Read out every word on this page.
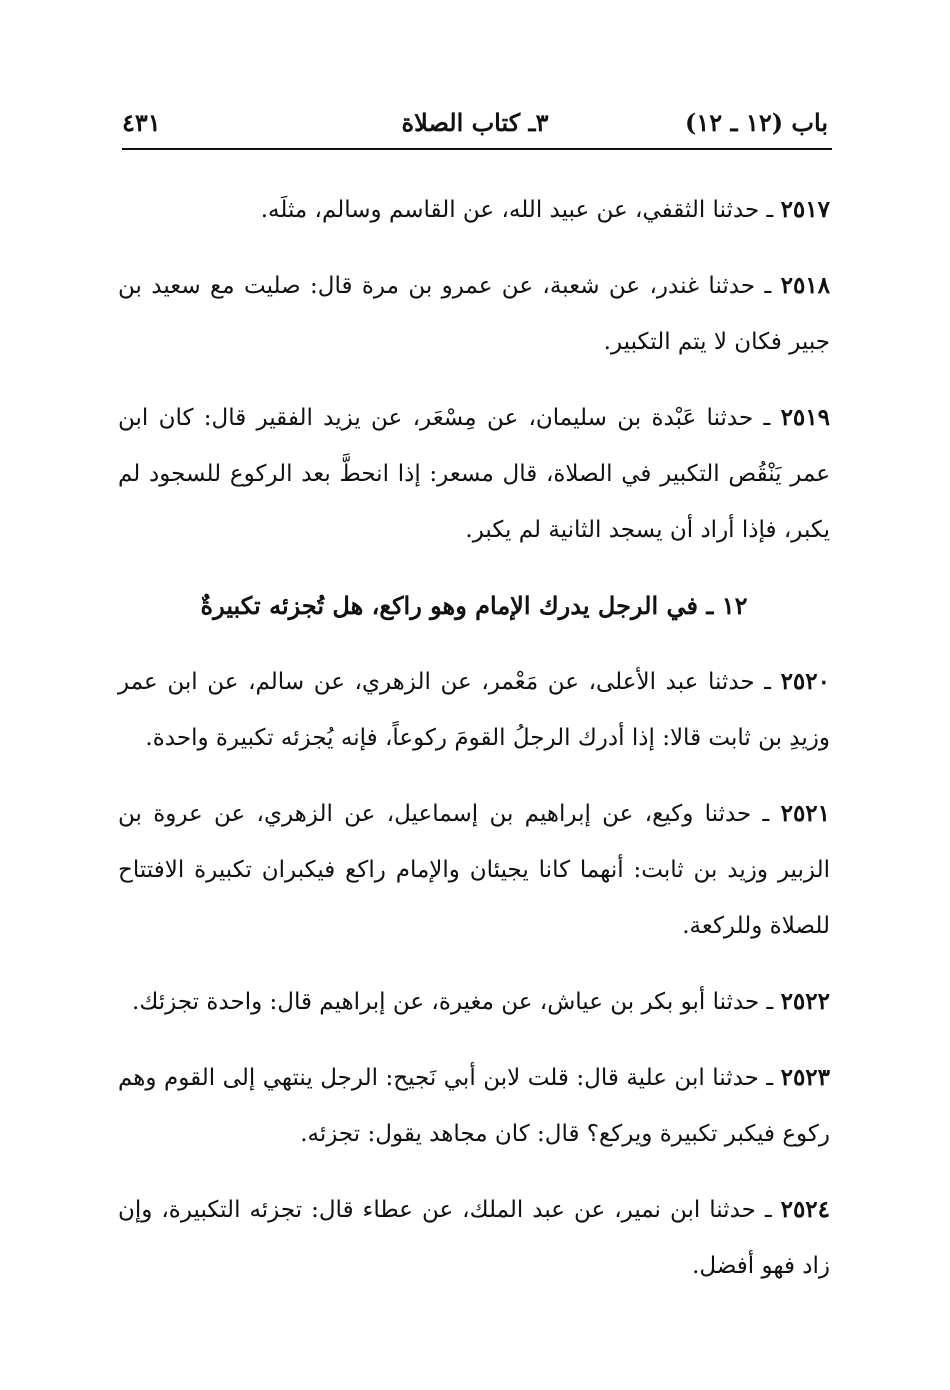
باب (١٢ ـ ١٢)
٣ـ كتاب الصلاة
٤٣١

٢٥١٧ ـ حدثنا الثقفي، عن عبيد الله، عن القاسم وسالم، مثلَه.

٢٥١٨ ـ حدثنا غندر، عن شعبة، عن عمرو بن مرة قال: صليت مع سعيد بن جبير فكان لا يتم التكبير.

٢٥١٩ ـ حدثنا عَبْدة بن سليمان، عن مِسْعَر، عن يزيد الفقير قال: كان ابن عمر يَنْقُص التكبير في الصلاة، قال مسعر: إذا انحطَّ بعد الركوع للسجود لم يكبر، فإذا أراد أن يسجد الثانية لم يكبر.

١٢ ـ في الرجل يدرك الإمام وهو راكع، هل تُجزئه تكبيرةٌ

٢٥٢٠ ـ حدثنا عبد الأعلى، عن مَعْمر، عن الزهري، عن سالم، عن ابن عمر وزيدِ بن ثابت قالا: إذا أدرك الرجلُ القومَ ركوعاً، فإنه يُجزئه تكبيرة واحدة.

٢٥٢١ ـ حدثنا وكيع، عن إبراهيم بن إسماعيل، عن الزهري، عن عروة بن الزبير وزيد بن ثابت: أنهما كانا يجيئان والإمام راكع فيكبران تكبيرة الافتتاح للصلاة وللركعة.

٢٥٢٢ ـ حدثنا أبو بكر بن عياش، عن مغيرة، عن إبراهيم قال: واحدة تجزئك.

٢٥٢٣ ـ حدثنا ابن علية قال: قلت لابن أبي نَجيح: الرجل ينتهي إلى القوم وهم ركوع فيكبر تكبيرة ويركع؟ قال: كان مجاهد يقول: تجزئه.

٢٥٢٤ ـ حدثنا ابن نمير، عن عبد الملك، عن عطاء قال: تجزئه التكبيرة، وإن زاد فهو أفضل.
